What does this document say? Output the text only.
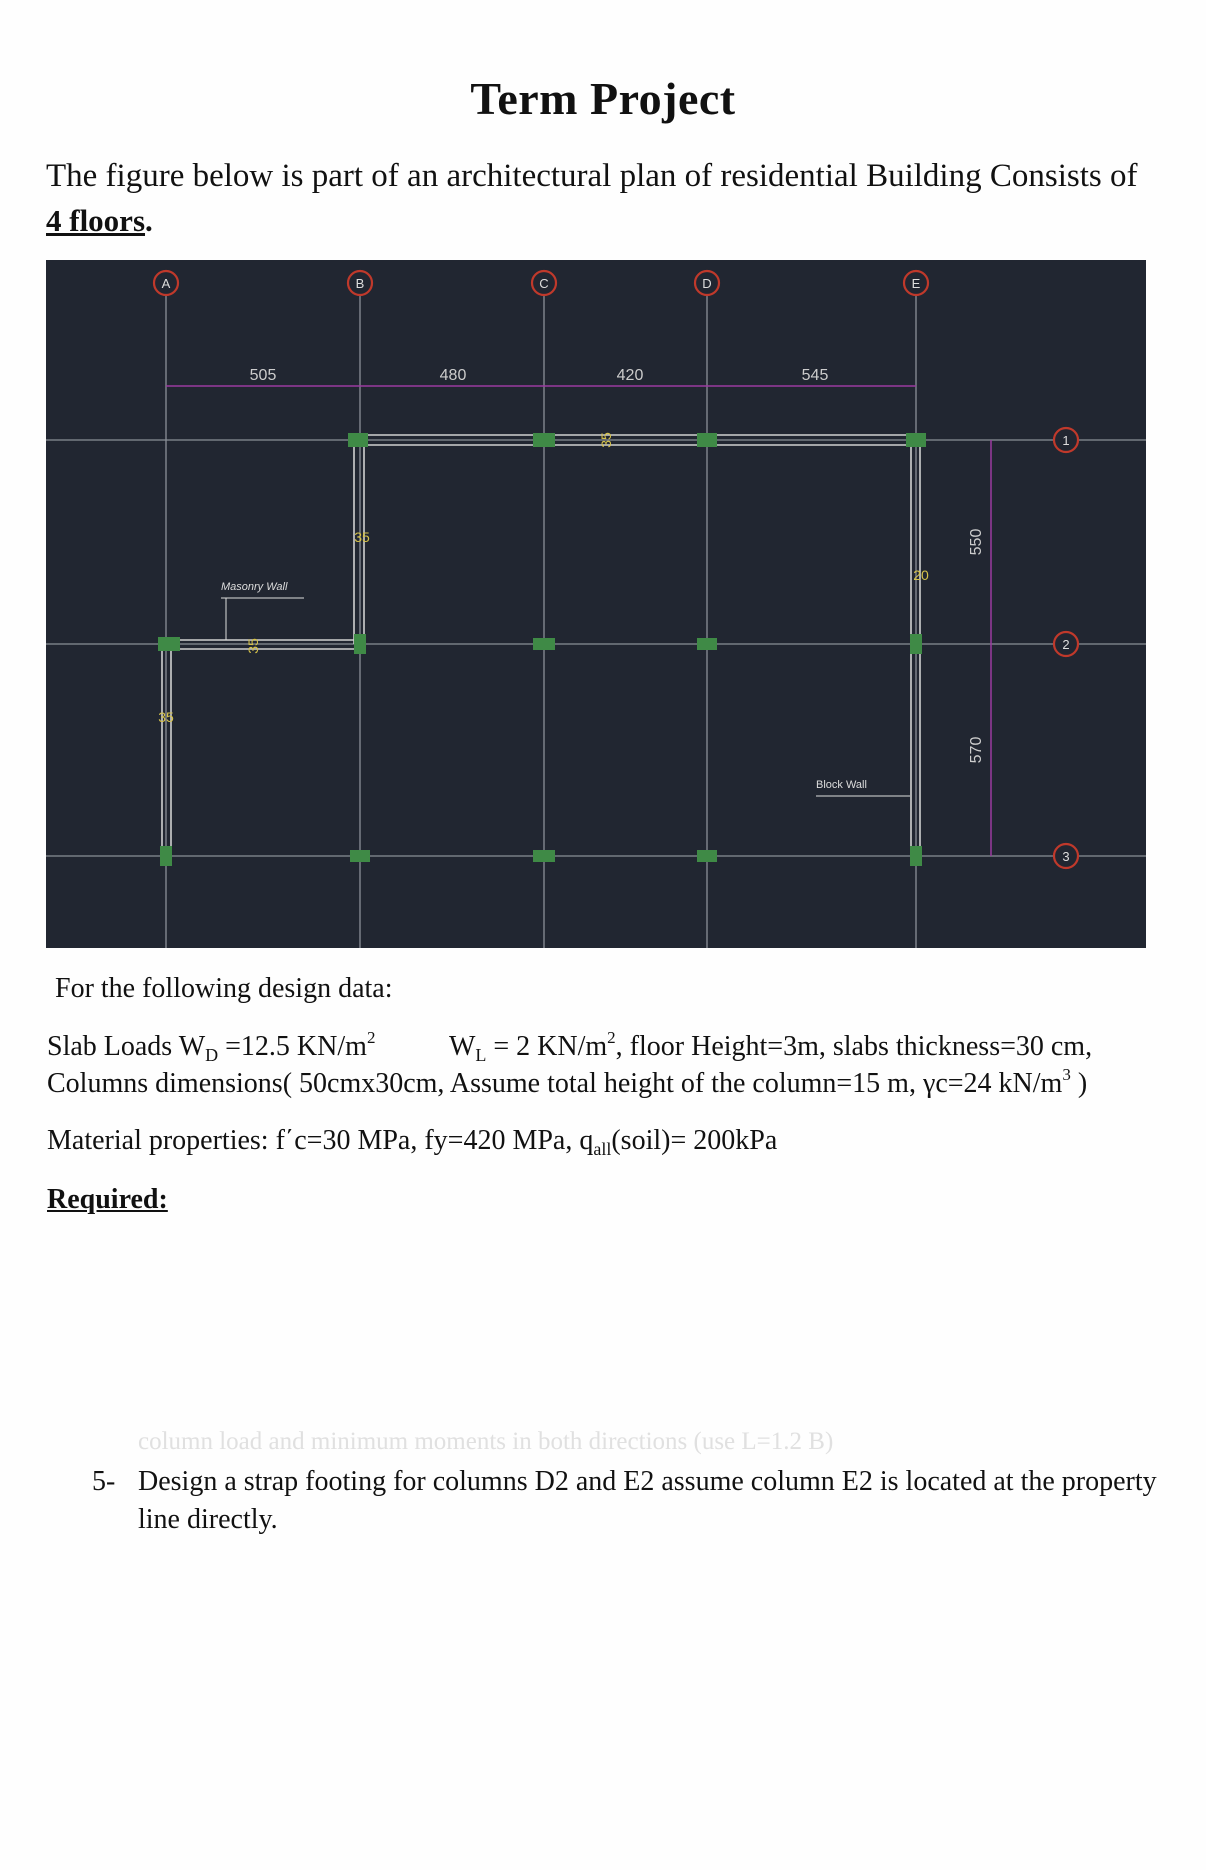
Term Project
The figure below is part of an architectural plan of residential Building Consists of
4 floors.
A	B	C	D	E
1
2
3
505	480	420	545
550
570
35
35
35
35
20
Masonry Wall
Block Wall
For the following design data:
Slab Loads $W_D =12.5$ $KN/m^2$	$W_L = 2$ $KN/m^2$, floor Height=3m, slabs thickness=30 cm,
Columns dimensions( 50cmx30cm, Assume total height of the column=15 m, γc=24 $kN/m^3$ )
Material properties: f΄c=30 MPa, fy=420 MPa, $q_{all}(soil)= 200kPa$
Required:
column load and minimum moments in both directions (use L=1.2 B)
5- Design a strap footing for columns D2 and E2 assume column E2 is located at the property line directly.
